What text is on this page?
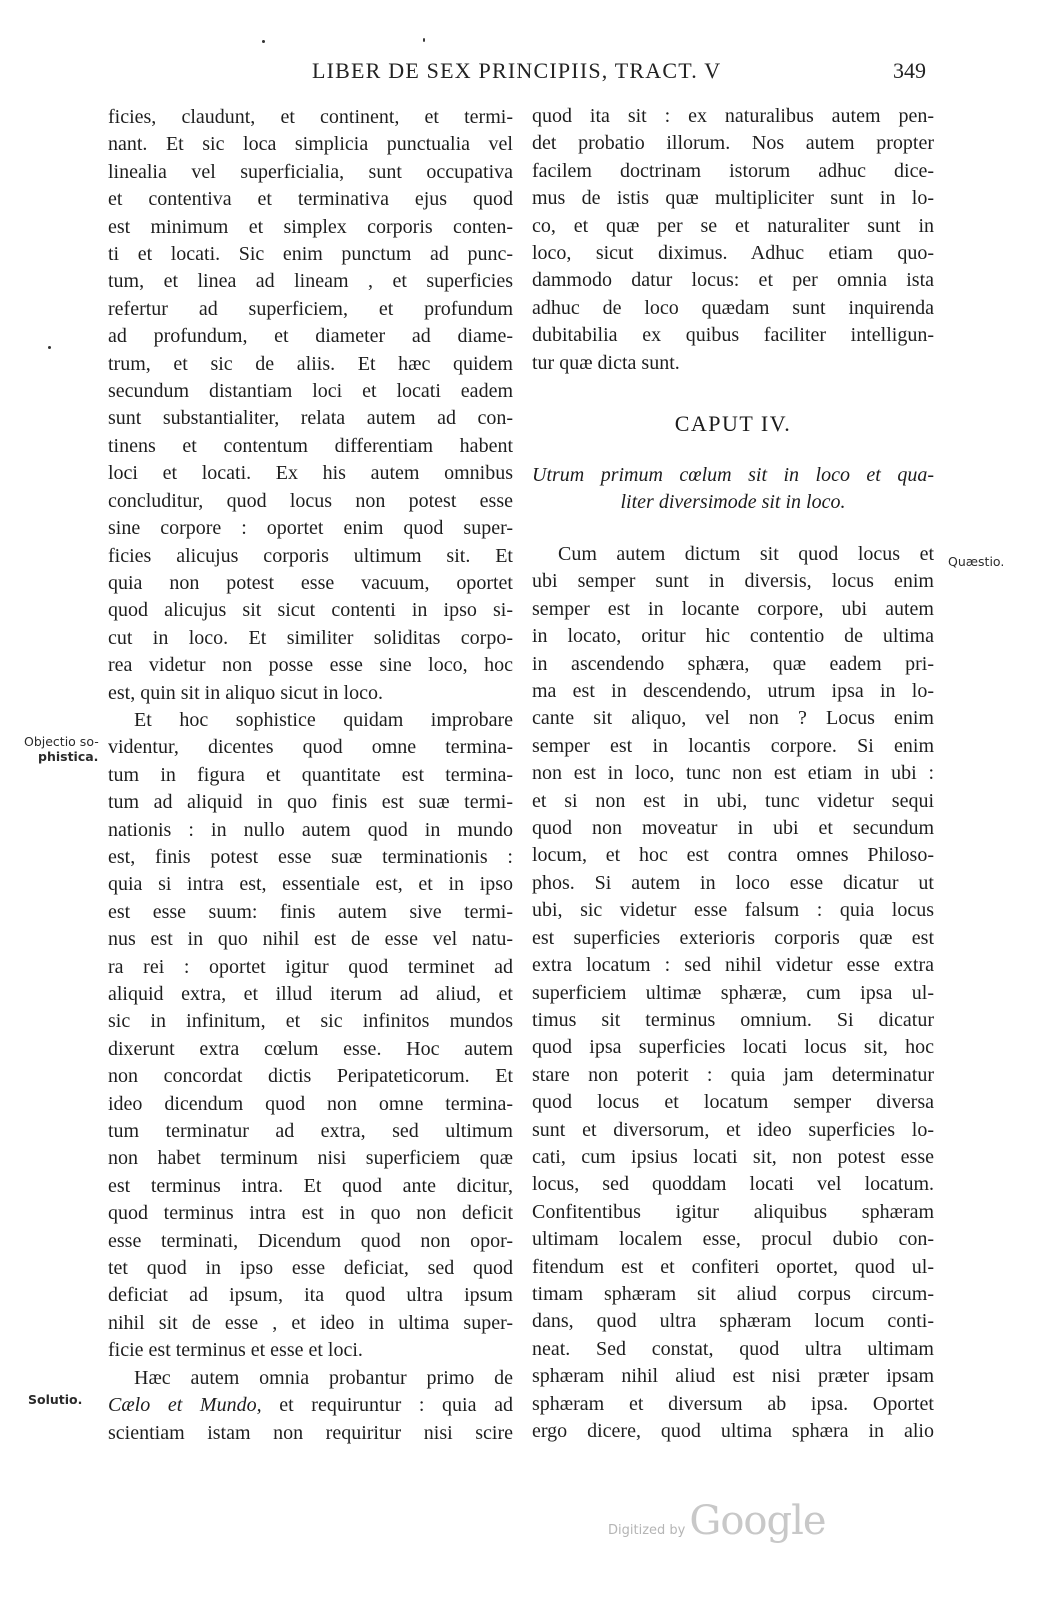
LIBER DE SEX PRINCIPIIS, TRACT. V	349
ficies, claudunt, et continent, et termi-
nant. Et sic loca simplicia punctualia vel
linealia vel superficialia, sunt occupativa
et contentiva et terminativa ejus quod
est minimum et simplex corporis conten-
ti et locati. Sic enim punctum ad punc-
tum, et linea ad lineam , et superficies
refertur ad superficiem, et profundum
ad profundum, et diameter ad diame-
trum, et sic de aliis. Et hæc quidem
secundum distantiam loci et locati eadem
sunt substantialiter, relata autem ad con-
tinens et contentum differentiam habent
loci et locati. Ex his autem omnibus
concluditur, quod locus non potest esse
sine corpore : oportet enim quod super-
ficies alicujus corporis ultimum sit. Et
quia non potest esse vacuum, oportet
quod alicujus sit sicut contenti in ipso si-
cut in loco. Et similiter soliditas corpo-
rea videtur non posse esse sine loco, hoc
est, quin sit in aliquo sicut in loco.
Et hoc sophistice quidam improbare
videntur, dicentes quod omne termina-
tum in figura et quantitate est termina-
tum ad aliquid in quo finis est suæ termi-
nationis : in nullo autem quod in mundo
est, finis potest esse suæ terminationis :
quia si intra est, essentiale est, et in ipso
est esse suum: finis autem sive termi-
nus est in quo nihil est de esse vel natu-
ra rei : oportet igitur quod terminet ad
aliquid extra, et illud iterum ad aliud, et
sic in infinitum, et sic infinitos mundos
dixerunt extra cœlum esse. Hoc autem
non concordat dictis Peripateticorum. Et
ideo dicendum quod non omne termina-
tum terminatur ad extra, sed ultimum
non habet terminum nisi superficiem quæ
est terminus intra. Et quod ante dicitur,
quod terminus intra est in quo non deficit
esse terminati, Dicendum quod non opor-
tet quod in ipso esse deficiat, sed quod
deficiat ad ipsum, ita quod ultra ipsum
nihil sit de esse , et ideo in ultima super-
ficie est terminus et esse et loci.
Hæc autem omnia probantur primo de
Cælo et Mundo, et requiruntur : quia ad
scientiam istam non requiritur nisi scire
quod ita sit : ex naturalibus autem pen-
det probatio illorum. Nos autem propter
facilem doctrinam istorum adhuc dice-
mus de istis quæ multipliciter sunt in lo-
co, et quæ per se et naturaliter sunt in
loco, sicut diximus. Adhuc etiam quo-
dammodo datur locus: et per omnia ista
adhuc de loco quædam sunt inquirenda
dubitabilia ex quibus faciliter intelligun-
tur quæ dicta sunt.
CAPUT IV.
Utrum primum cœlum sit in loco et qua-
liter diversimode sit in loco.
Cum autem dictum sit quod locus et
ubi semper sunt in diversis, locus enim
semper est in locante corpore, ubi autem
in locato, oritur hic contentio de ultima
in ascendendo sphæra, quæ eadem pri-
ma est in descendendo, utrum ipsa in lo-
cante sit aliquo, vel non ? Locus enim
semper est in locantis corpore. Si enim
non est in loco, tunc non est etiam in ubi :
et si non est in ubi, tunc videtur sequi
quod non moveatur in ubi et secundum
locum, et hoc est contra omnes Philoso-
phos. Si autem in loco esse dicatur ut
ubi, sic videtur esse falsum : quia locus
est superficies exterioris corporis quæ est
extra locatum : sed nihil videtur esse extra
superficiem ultimæ sphæræ, cum ipsa ul-
timus sit terminus omnium. Si dicatur
quod ipsa superficies locati locus sit, hoc
stare non poterit : quia jam determinatur
quod locus et locatum semper diversa
sunt et diversorum, et ideo superficies lo-
cati, cum ipsius locati sit, non potest esse
locus, sed quoddam locati vel locatum.
Confitentibus igitur aliquibus sphæram
ultimam localem esse, procul dubio con-
fitendum est et confiteri oportet, quod ul-
timam sphæram sit aliud corpus circum-
dans, quod ultra sphæram locum conti-
neat. Sed constat, quod ultra ultimam
sphæram nihil aliud est nisi præter ipsam
sphæram et diversum ab ipsa. Oportet
ergo dicere, quod ultima sphæra in alio
Quæstio.
Objectio so-
phistica.
Solutio.
Digitized by Google
